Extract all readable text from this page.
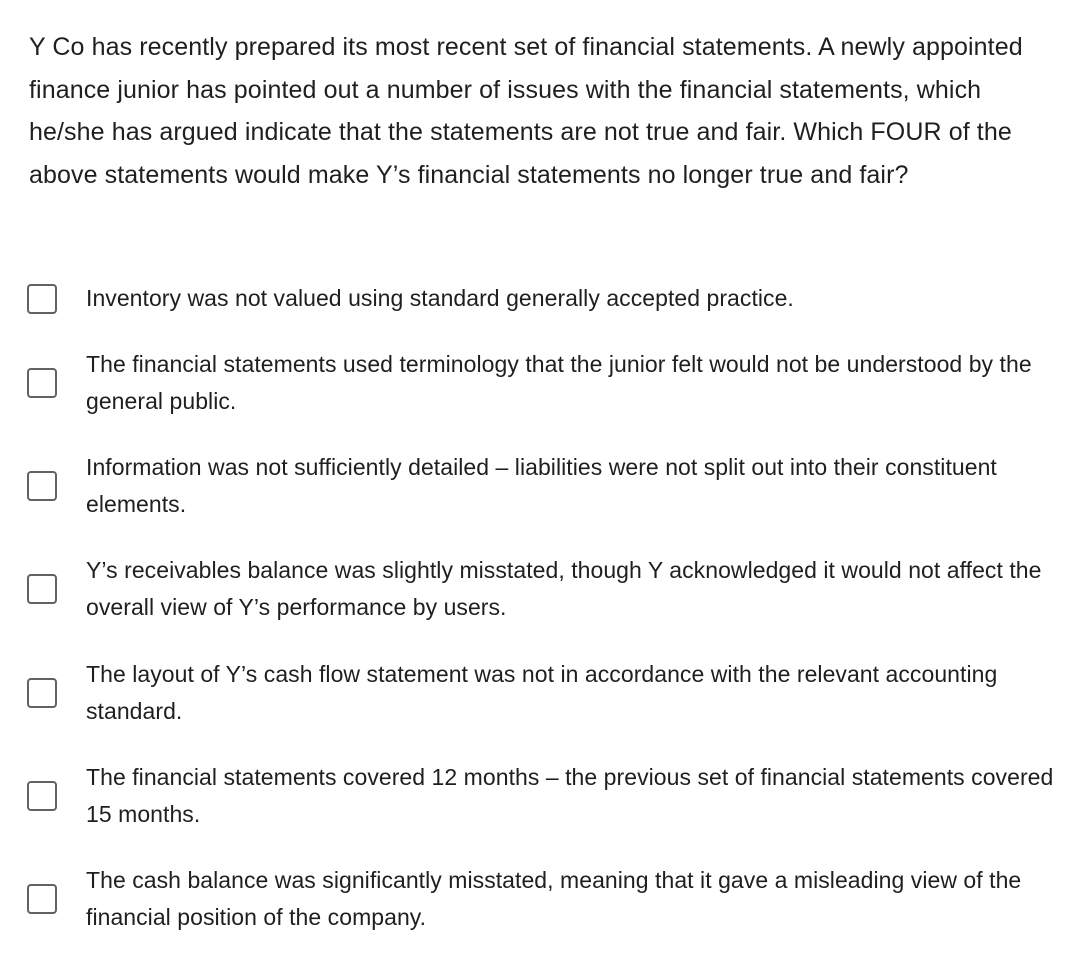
Y Co has recently prepared its most recent set of financial statements. A newly appointed finance junior has pointed out a number of issues with the financial statements, which he/she has argued indicate that the statements are not true and fair. Which FOUR of the above statements would make Y’s financial statements no longer true and fair?

Inventory was not valued using standard generally accepted practice.
The financial statements used terminology that the junior felt would not be understood by the general public.
Information was not sufficiently detailed – liabilities were not split out into their constituent elements.
Y’s receivables balance was slightly misstated, though Y acknowledged it would not affect the overall view of Y’s performance by users.
The layout of Y’s cash flow statement was not in accordance with the relevant accounting standard.
The financial statements covered 12 months – the previous set of financial statements covered 15 months.
The cash balance was significantly misstated, meaning that it gave a misleading view of the financial position of the company.
